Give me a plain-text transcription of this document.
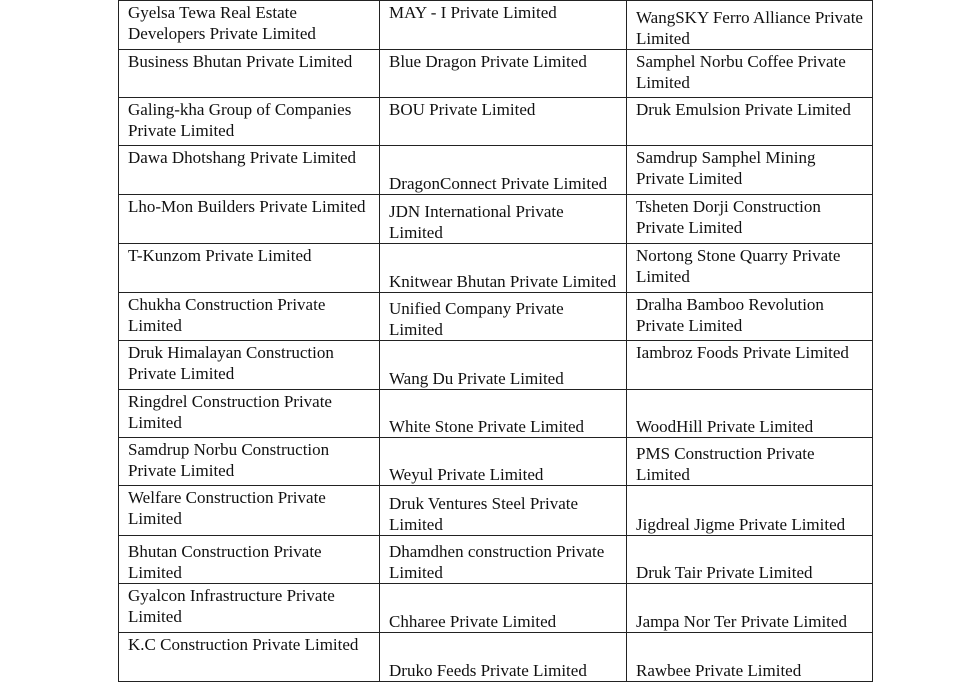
Gyelsa Tewa Real Estate Developers Private Limited	MAY - I Private Limited	WangSKY Ferro Alliance Private Limited

Business Bhutan Private Limited	Blue Dragon Private Limited	Samphel Norbu Coffee Private Limited

Galing-kha Group of Companies Private Limited	BOU Private Limited	Druk Emulsion Private Limited

Dawa Dhotshang Private Limited	DragonConnect Private Limited	Samdrup Samphel Mining Private Limited

Lho-Mon Builders Private Limited	JDN International Private Limited	Tsheten Dorji Construction Private Limited

T-Kunzom Private Limited	Knitwear Bhutan Private Limited	Nortong Stone Quarry Private Limited

Chukha Construction Private Limited	Unified Company Private Limited	Dralha Bamboo Revolution Private Limited

Druk Himalayan Construction Private Limited	Wang Du Private Limited	Iambroz Foods Private Limited

Ringdrel Construction Private Limited	White Stone Private Limited	WoodHill Private Limited

Samdrup Norbu Construction Private Limited	Weyul Private Limited	PMS Construction Private Limited

Welfare Construction Private Limited	Druk Ventures Steel Private Limited	Jigdreal Jigme Private Limited

Bhutan Construction Private Limited	Dhamdhen construction Private Limited	Druk Tair Private Limited

Gyalcon Infrastructure Private Limited	Chharee Private Limited	Jampa Nor Ter Private Limited

K.C Construction Private Limited	Druko Feeds Private Limited	Rawbee Private Limited
